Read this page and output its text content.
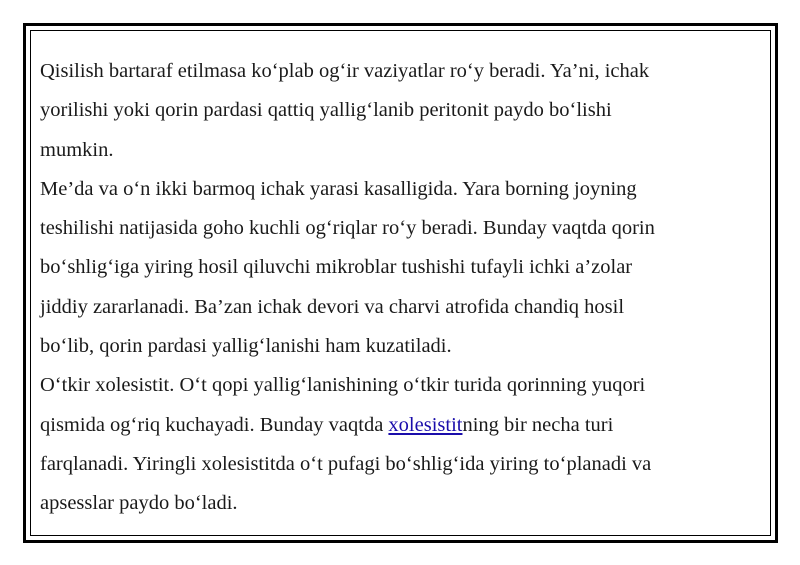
Qisilish bartaraf etilmasa ko‘plab og‘ir vaziyatlar ro‘y beradi. Ya’ni, ichak
yorilishi yoki qorin pardasi qattiq yallig‘lanib peritonit paydo bo‘lishi
mumkin.
Me’da va o‘n ikki barmoq ichak yarasi kasalligida. Yara borning joyning
teshilishi natijasida goho kuchli og‘riqlar ro‘y beradi. Bunday vaqtda qorin
bo‘shlig‘iga yiring hosil qiluvchi mikroblar tushishi tufayli ichki a’zolar
jiddiy zararlanadi. Ba’zan ichak devori va charvi atrofida chandiq hosil
bo‘lib, qorin pardasi yallig‘lanishi ham kuzatiladi.
O‘tkir xolesistit. O‘t qopi yallig‘lanishining o‘tkir turida qorinning yuqori
qismida og‘riq kuchayadi. Bunday vaqtda xolesistitning bir necha turi
farqlanadi. Yiringli xolesistitda o‘t pufagi bo‘shlig‘ida yiring to‘planadi va
apsesslar paydo bo‘ladi.
